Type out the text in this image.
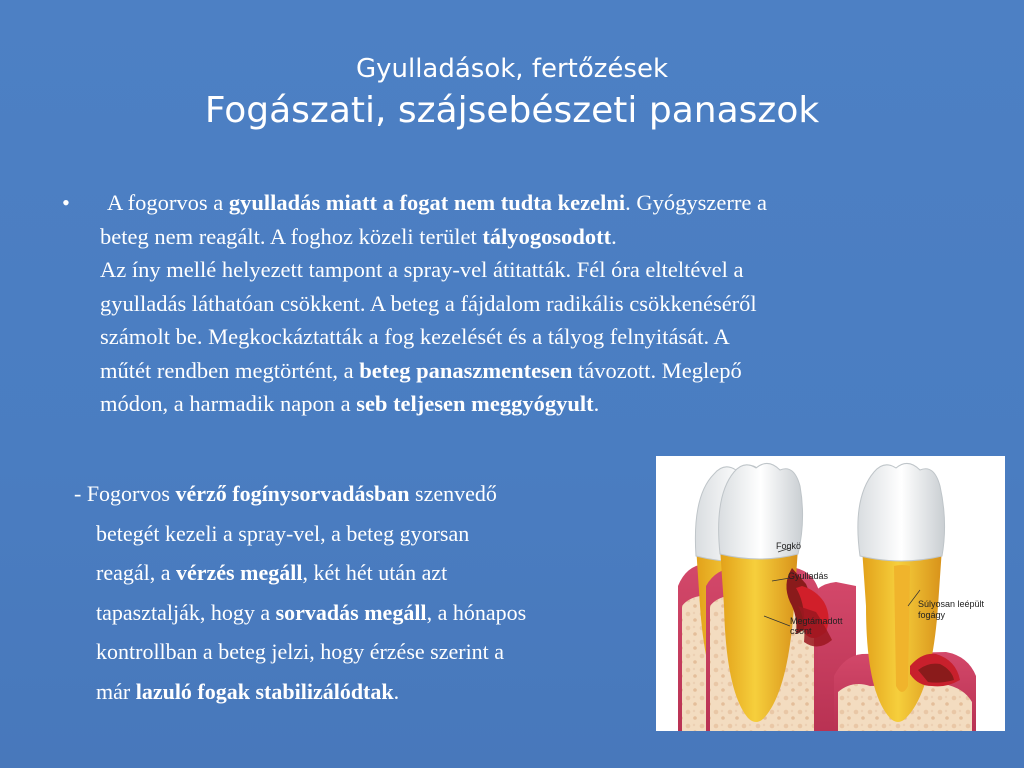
Gyulladások, fertőzések
Fogászati, szájsebészeti panaszok
• A fogorvos a gyulladás miatt a fogat nem tudta kezelni. Gyógyszerre a
beteg nem reagált. A foghoz közeli terület tályogosodott.
Az íny mellé helyezett tampont a spray-vel átitatták. Fél óra elteltével a
gyulladás láthatóan csökkent. A beteg a fájdalom radikális csökkenéséről
számolt be. Megkockáztatták a fog kezelését és a tályog felnyitását. A
műtét rendben megtörtént, a beteg panaszmentesen távozott. Meglepő
módon, a harmadik napon a seb teljesen meggyógyult.
- Fogorvos vérző fogínysorvadásban szenvedő
betegét kezeli a spray-vel, a beteg gyorsan
reagál, a vérzés megáll, két hét után azt
tapasztalják, hogy a sorvadás megáll, a hónapos
kontrollban a beteg jelzi, hogy érzése szerint a
már lazuló fogak stabilizálódtak.
Fogkö
Gyulladás
Megtámadott
csont
Súlyosan leépült
fogágy
